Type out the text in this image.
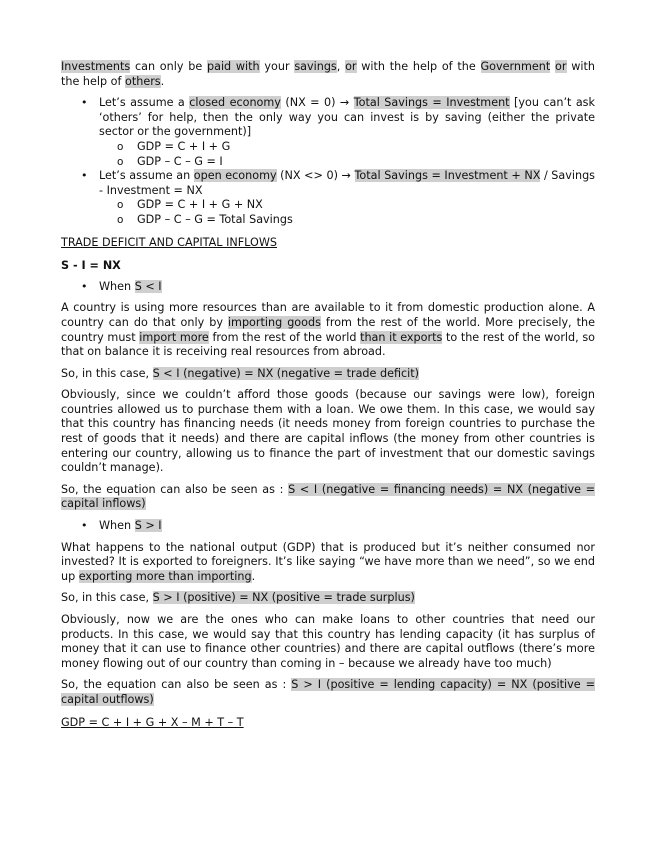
Investments can only be paid with your savings, or with the help of the Government or with the help of others.

• Let’s assume a closed economy (NX = 0) → Total Savings = Investment [you can’t ask ‘others’ for help, then the only way you can invest is by saving (either the private sector or the government)]
o GDP = C + I + G
o GDP – C – G = I
• Let’s assume an open economy (NX <> 0) → Total Savings = Investment + NX / Savings - Investment = NX
o GDP = C + I + G + NX
o GDP – C – G = Total Savings

TRADE DEFICIT AND CAPITAL INFLOWS

S - I = NX

• When S < I

A country is using more resources than are available to it from domestic production alone. A country can do that only by importing goods from the rest of the world. More precisely, the country must import more from the rest of the world than it exports to the rest of the world, so that on balance it is receiving real resources from abroad.

So, in this case, S < I (negative) = NX (negative = trade deficit)

Obviously, since we couldn’t afford those goods (because our savings were low), foreign countries allowed us to purchase them with a loan. We owe them. In this case, we would say that this country has financing needs (it needs money from foreign countries to purchase the rest of goods that it needs) and there are capital inflows (the money from other countries is entering our country, allowing us to finance the part of investment that our domestic savings couldn’t manage).

So, the equation can also be seen as : S < I (negative = financing needs) = NX (negative = capital inflows)

• When S > I

What happens to the national output (GDP) that is produced but it’s neither consumed nor invested? It is exported to foreigners. It’s like saying “we have more than we need”, so we end up exporting more than importing.

So, in this case, S > I (positive) = NX (positive = trade surplus)

Obviously, now we are the ones who can make loans to other countries that need our products. In this case, we would say that this country has lending capacity (it has surplus of money that it can use to finance other countries) and there are capital outflows (there’s more money flowing out of our country than coming in – because we already have too much)

So, the equation can also be seen as : S > I (positive = lending capacity) = NX (positive = capital outflows)

GDP = C + I + G + X – M + T – T
